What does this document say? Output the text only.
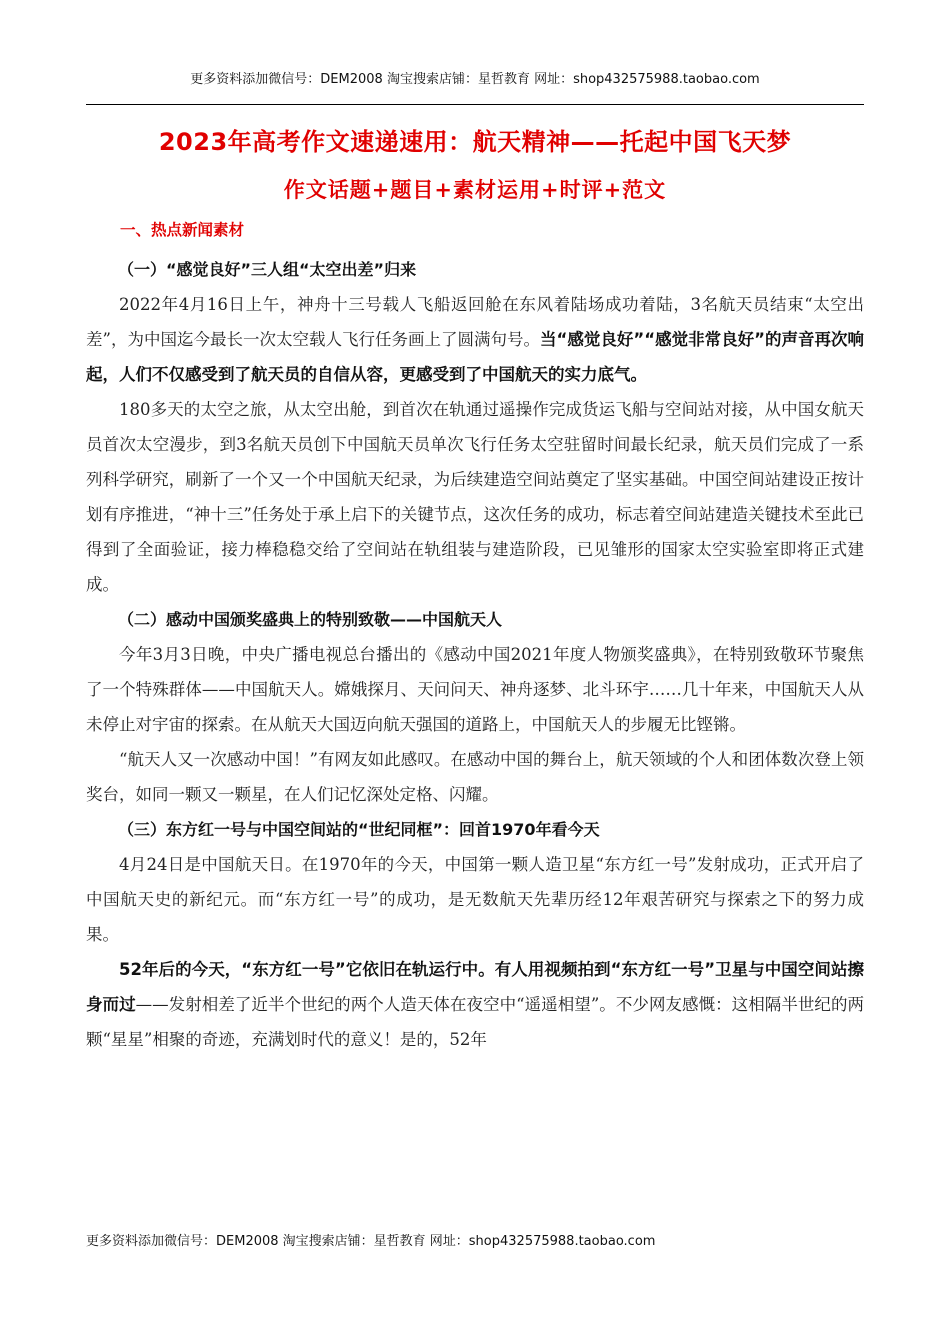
更多资料添加微信号：DEM2008 淘宝搜索店铺：星哲教育 网址：shop432575988.taobao.com
2023年高考作文速递速用：航天精神——托起中国飞天梦
作文话题+题目+素材运用+时评+范文
一、热点新闻素材

（一）“感觉良好”三人组“太空出差”归来

2022年4月16日上午，神舟十三号载人飞船返回舱在东风着陆场成功着陆，3名航天员结束“太空出差”，为中国迄今最长一次太空载人飞行任务画上了圆满句号。当“感觉良好”“感觉非常良好”的声音再次响起，人们不仅感受到了航天员的自信从容，更感受到了中国航天的实力底气。

180多天的太空之旅，从太空出舱，到首次在轨通过遥操作完成货运飞船与空间站对接，从中国女航天员首次太空漫步，到3名航天员创下中国航天员单次飞行任务太空驻留时间最长纪录，航天员们完成了一系列科学研究，刷新了一个又一个中国航天纪录，为后续建造空间站奠定了坚实基础。中国空间站建设正按计划有序推进，“神十三”任务处于承上启下的关键节点，这次任务的成功，标志着空间站建造关键技术至此已得到了全面验证，接力棒稳稳交给了空间站在轨组装与建造阶段，已见雏形的国家太空实验室即将正式建成。

（二）感动中国颁奖盛典上的特别致敬——中国航天人

今年3月3日晚，中央广播电视总台播出的《感动中国2021年度人物颁奖盛典》，在特别致敬环节聚焦了一个特殊群体——中国航天人。嫦娥探月、天问问天、神舟逐梦、北斗环宇……几十年来，中国航天人从未停止对宇宙的探索。在从航天大国迈向航天强国的道路上，中国航天人的步履无比铿锵。

“航天人又一次感动中国！”有网友如此感叹。在感动中国的舞台上，航天领域的个人和团体数次登上领奖台，如同一颗又一颗星，在人们记忆深处定格、闪耀。

（三）东方红一号与中国空间站的“世纪同框”：回首1970年看今天

4月24日是中国航天日。在1970年的今天，中国第一颗人造卫星“东方红一号”发射成功，正式开启了中国航天史的新纪元。而“东方红一号”的成功，是无数航天先辈历经12年艰苦研究与探索之下的努力成果。

52年后的今天，“东方红一号”它依旧在轨运行中。有人用视频拍到“东方红一号”卫星与中国空间站擦身而过——发射相差了近半个世纪的两个人造天体在夜空中“遥遥相望”。不少网友感慨：这相隔半世纪的两颗“星星”相聚的奇迹，充满划时代的意义！是的，52年

更多资料添加微信号：DEM2008 淘宝搜索店铺：星哲教育 网址：shop432575988.taobao.com
